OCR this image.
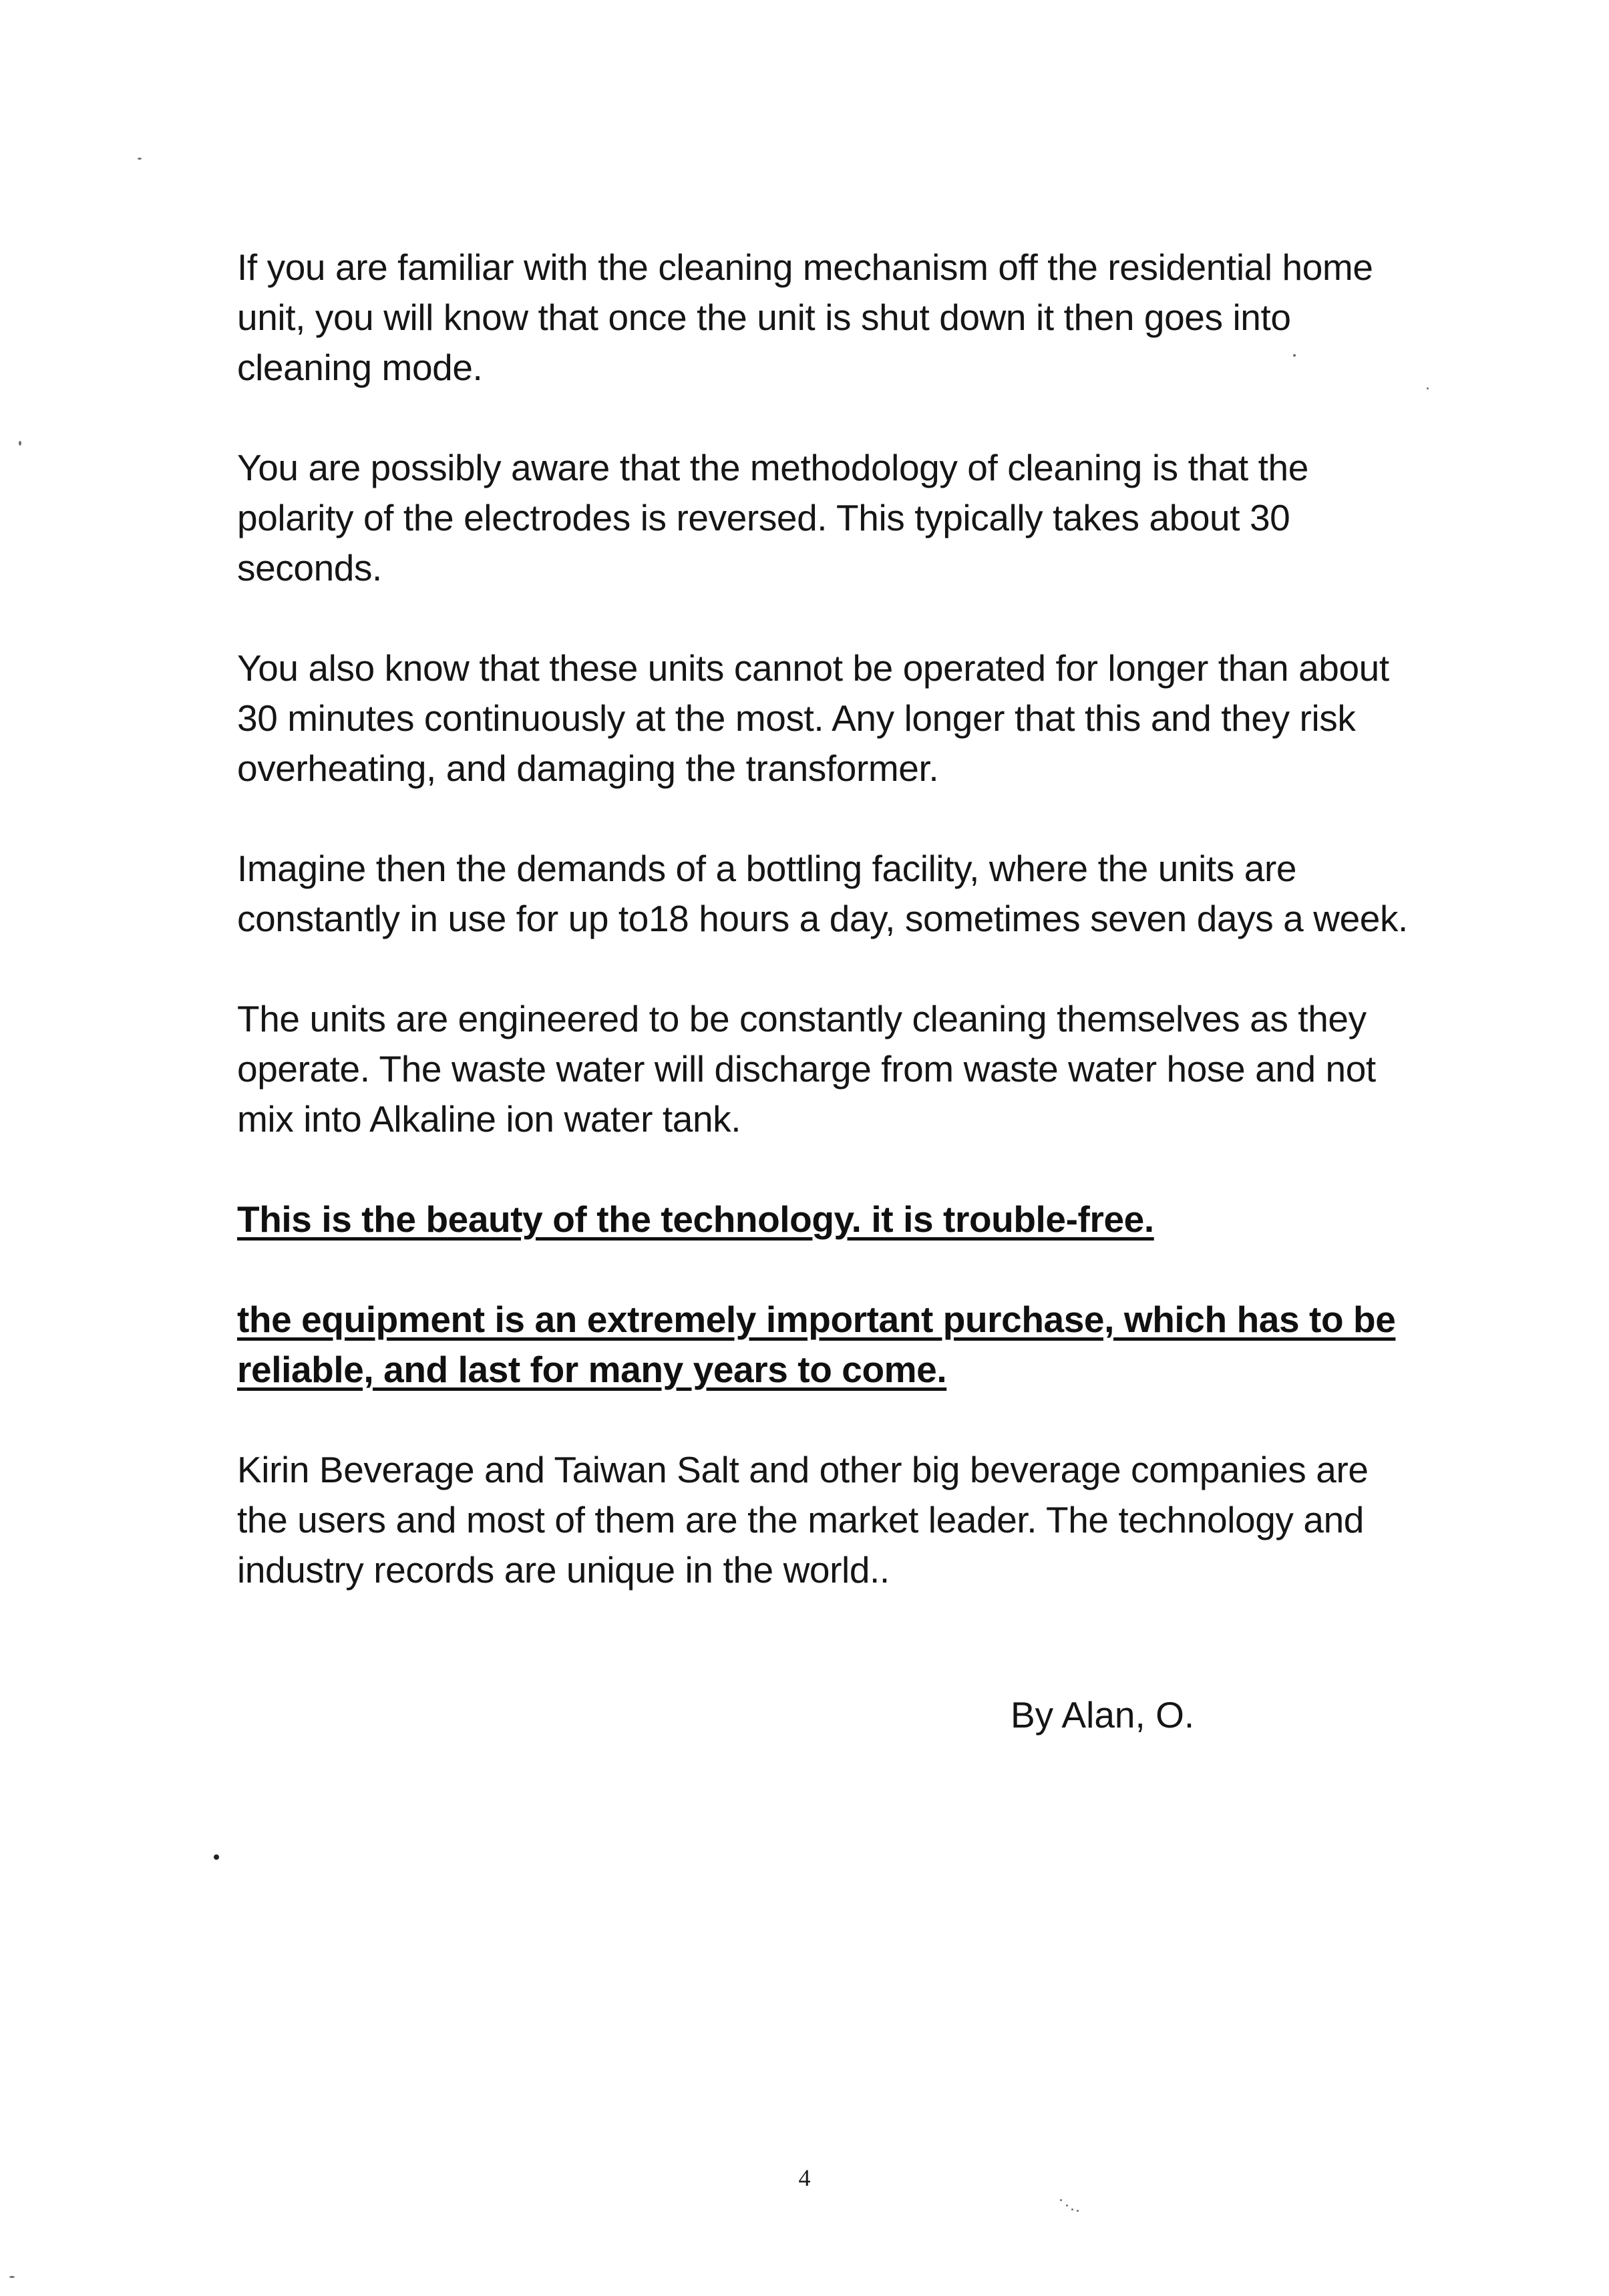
If you are familiar with the cleaning mechanism off the residential home unit, you will know that once the unit is shut down it then goes into cleaning mode.

You are possibly aware that the methodology of cleaning is that the polarity of the electrodes is reversed. This typically takes about 30 seconds.

You also know that these units cannot be operated for longer than about 30 minutes continuously at the most. Any longer that this and they risk overheating, and damaging the transformer.

Imagine then the demands of a bottling facility, where the units are constantly in use for up to18 hours a day, sometimes seven days a week.

The units are engineered to be constantly cleaning themselves as they operate. The waste water will discharge from waste water hose and not mix into Alkaline ion water tank.

This is the beauty of the technology. it is trouble-free.

the equipment is an extremely important purchase, which has to be reliable, and last for many years to come.

Kirin Beverage and Taiwan Salt and other big beverage companies are the users and most of them are the market leader. The technology and industry records are unique in the world..

By Alan, O.
4
